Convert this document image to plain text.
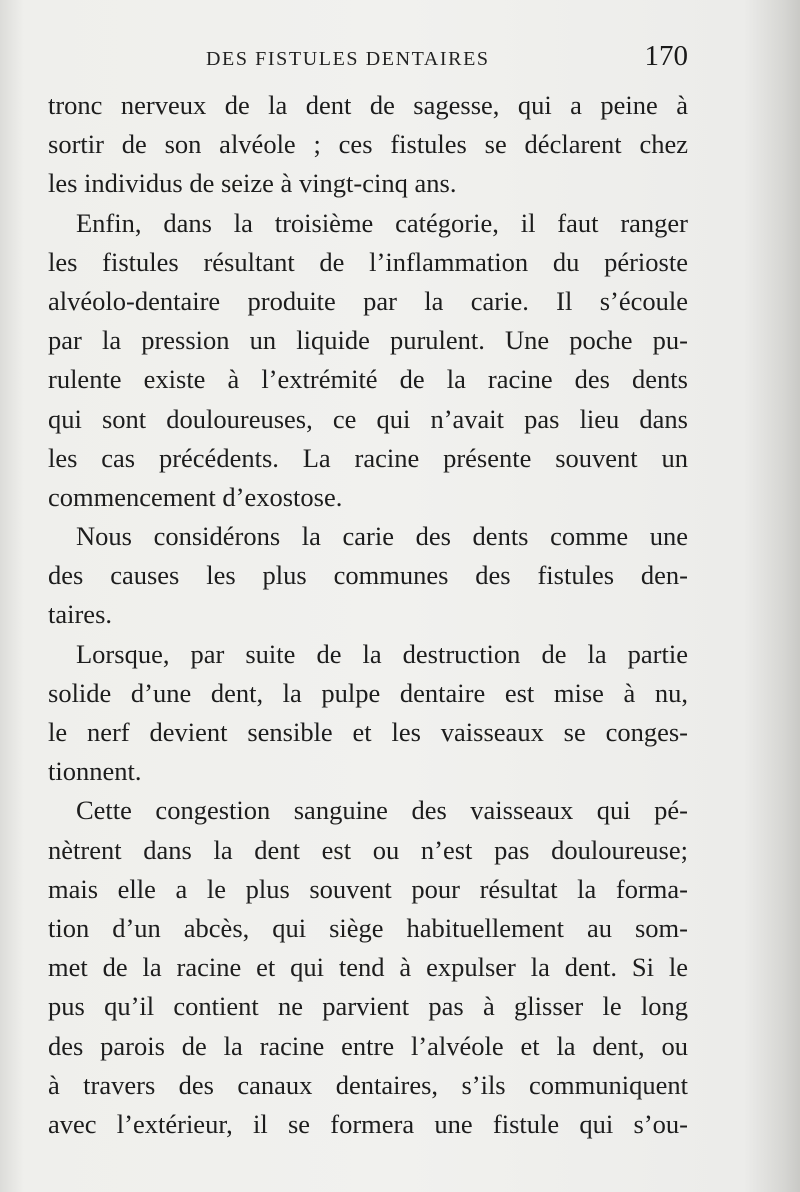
DES FISTULES DENTAIRES	170
tronc nerveux de la dent de sagesse, qui a peine à
sortir de son alvéole ; ces fistules se déclarent chez
les individus de seize à vingt-cinq ans.
Enfin, dans la troisième catégorie, il faut ranger
les fistules résultant de l’inflammation du périoste
alvéolo-dentaire produite par la carie. Il s’écoule
par la pression un liquide purulent. Une poche pu-
rulente existe à l’extrémité de la racine des dents
qui sont douloureuses, ce qui n’avait pas lieu dans
les cas précédents. La racine présente souvent un
commencement d’exostose.
Nous considérons la carie des dents comme une
des causes les plus communes des fistules den-
taires.
Lorsque, par suite de la destruction de la partie
solide d’une dent, la pulpe dentaire est mise à nu,
le nerf devient sensible et les vaisseaux se conges-
tionnent.
Cette congestion sanguine des vaisseaux qui pé-
nètrent dans la dent est ou n’est pas douloureuse;
mais elle a le plus souvent pour résultat la forma-
tion d’un abcès, qui siège habituellement au som-
met de la racine et qui tend à expulser la dent. Si le
pus qu’il contient ne parvient pas à glisser le long
des parois de la racine entre l’alvéole et la dent, ou
à travers des canaux dentaires, s’ils communiquent
avec l’extérieur, il se formera une fistule qui s’ou-
